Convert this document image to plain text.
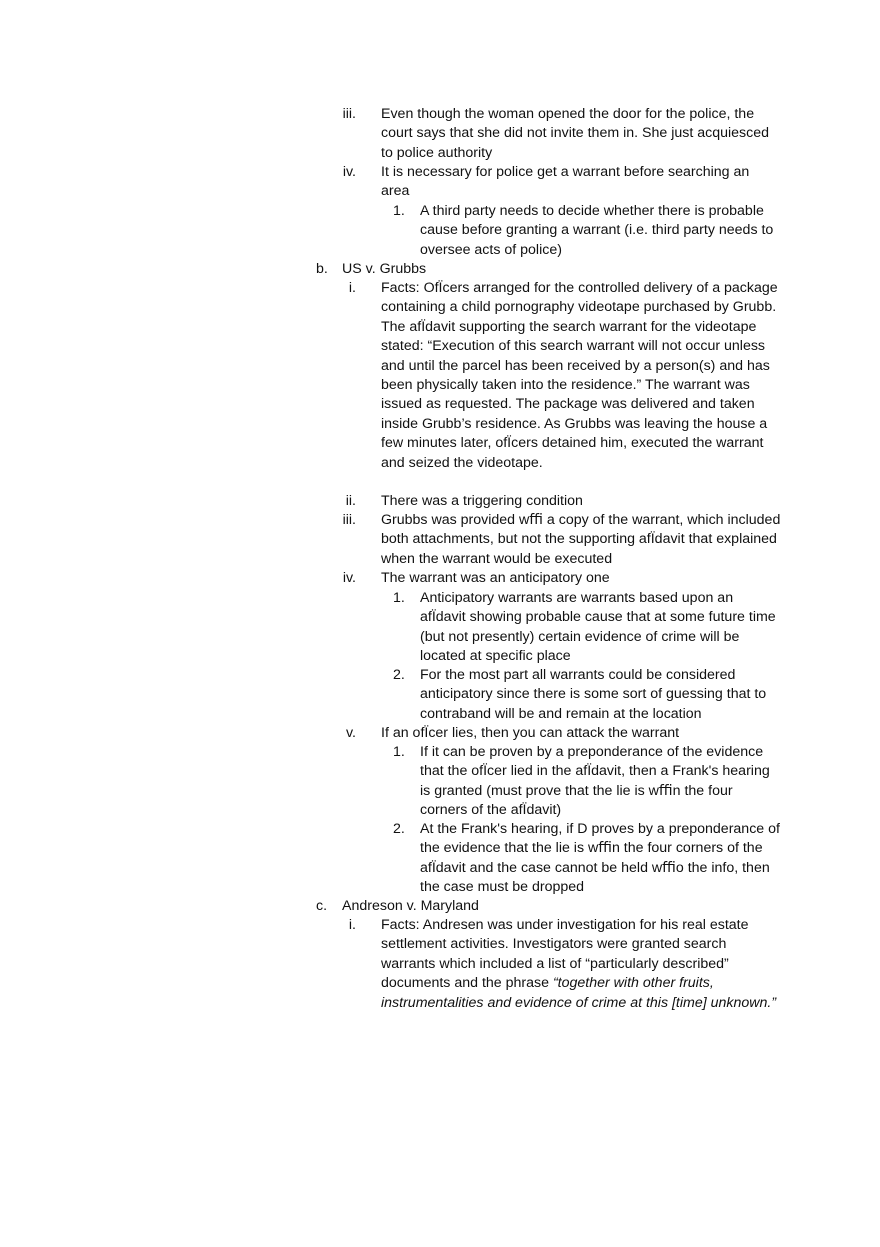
iii. Even though the woman opened the door for the police, the court says that she did not invite them in. She just acquiesced to police authority
iv. It is necessary for police get a warrant before searching an area
1. A third party needs to decide whether there is probable cause before granting a warrant (i.e. third party needs to oversee acts of police)
b. US v. Grubbs
i. Facts: OfÏcers arranged for the controlled delivery of a package containing a child pornography videotape purchased by Grubb. The afÏdavit supporting the search warrant for the videotape stated: “Execution of this search warrant will not occur unless and until the parcel has been received by a person(s) and has been physically taken into the residence.” The warrant was issued as requested. The package was delivered and taken inside Grubb’s residence. As Grubbs was leaving the house a few minutes later, ofÏcers detained him, executed the warrant and seized the videotape.
ii. There was a triggering condition
iii. Grubbs was provided wﬃ a copy of the warrant, which included both attachments, but not the supporting afÏdavit that explained when the warrant would be executed
iv. The warrant was an anticipatory one
1. Anticipatory warrants are warrants based upon an afÏdavit showing probable cause that at some future time (but not presently) certain evidence of crime will be located at specific place
2. For the most part all warrants could be considered anticipatory since there is some sort of guessing that to contraband will be and remain at the location
v. If an ofÏcer lies, then you can attack the warrant
1. If it can be proven by a preponderance of the evidence that the ofÏcer lied in the afÏdavit, then a Frank's hearing is granted (must prove that the lie is wﬃn the four corners of the afÏdavit)
2. At the Frank's hearing, if D proves by a preponderance of the evidence that the lie is wﬃn the four corners of the afÏdavit and the case cannot be held wﬃo the info, then the case must be dropped
c. Andreson v. Maryland
i. Facts: Andresen was under investigation for his real estate settlement activities. Investigators were granted search warrants which included a list of “particularly described” documents and the phrase “together with other fruits, instrumentalities and evidence of crime at this [time] unknown.”
